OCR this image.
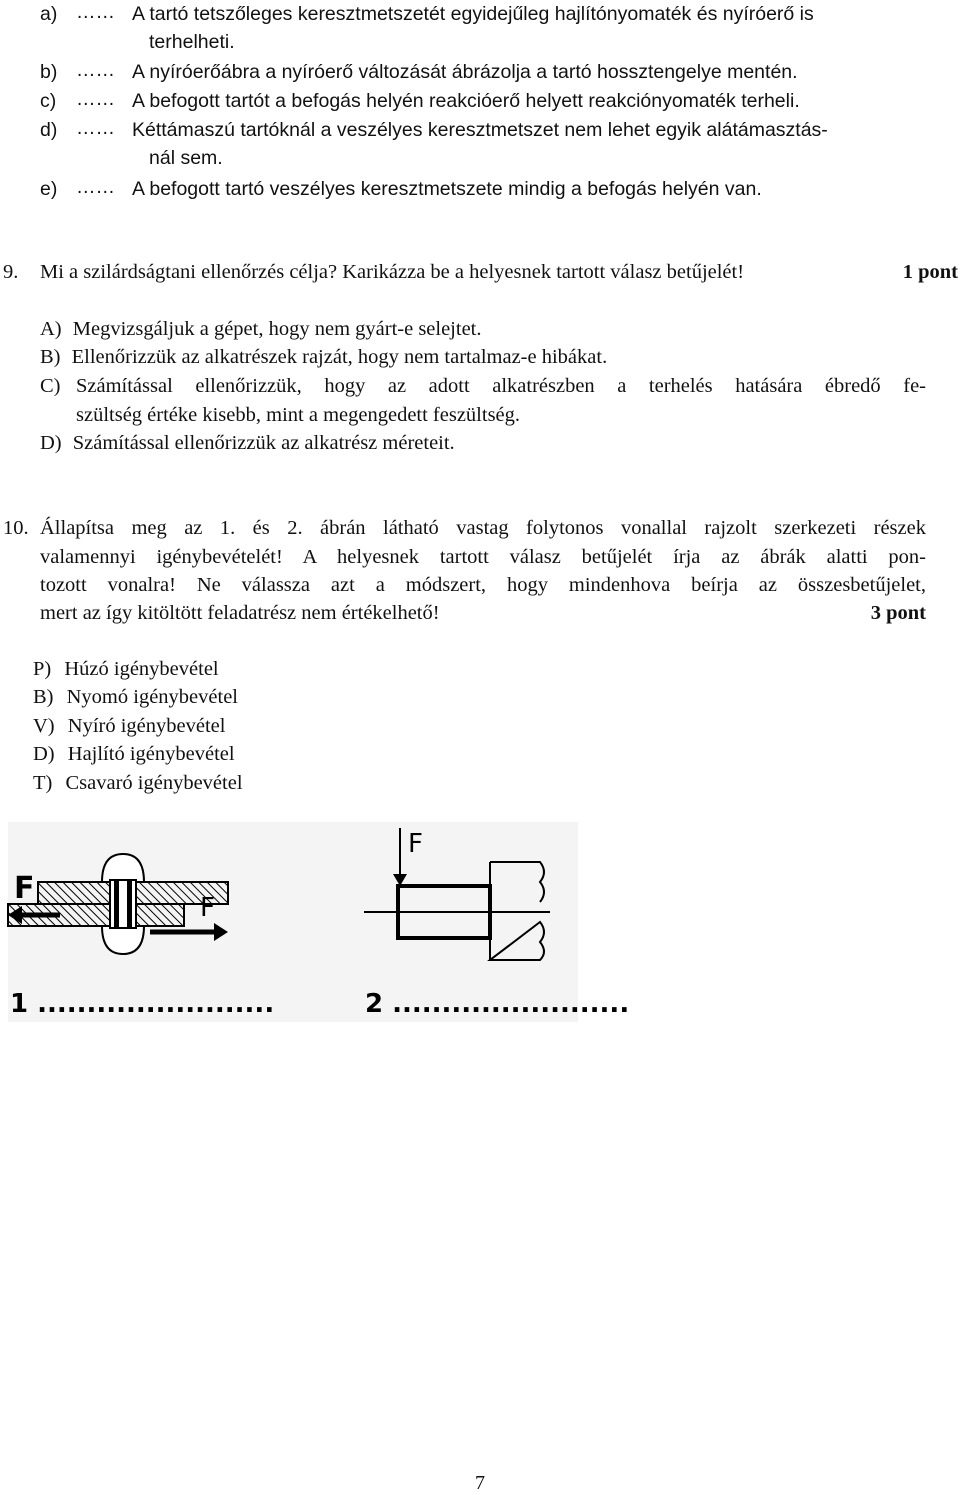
a) …… A tartó tetszőleges keresztmetszetét egyidejűleg hajlítónyomaték és nyíróerő is
terhelheti.
b) …… A nyíróerőábra a nyíróerő változását ábrázolja a tartó hossztengelye mentén.
c) …… A befogott tartót a befogás helyén reakcióerő helyett reakciónyomaték terheli.
d) …… Kéttámaszú tartóknál a veszélyes keresztmetszet nem lehet egyik alátámasztás-
nál sem.
e) …… A befogott tartó veszélyes keresztmetszete mindig a befogás helyén van.
9. Mi a szilárdságtani ellenőrzés célja? Karikázza be a helyesnek tartott válasz betűjelét!	1 pont
A) Megvizsgáljuk a gépet, hogy nem gyárt-e selejtet.
B) Ellenőrizzük az alkatrészek rajzát, hogy nem tartalmaz-e hibákat.
C) Számítással ellenőrizzük, hogy az adott alkatrészben a terhelés hatására ébredő fe-
szültség értéke kisebb, mint a megengedett feszültség.
D) Számítással ellenőrizzük az alkatrész méreteit.
10. Állapítsa meg az 1. és 2. ábrán látható vastag folytonos vonallal rajzolt szerkezeti részek
valamennyi igénybevételét! A helyesnek tartott válasz betűjelét írja az ábrák alatti pon-
tozott vonalra! Ne válassza azt a módszert, hogy mindenhova beírja az összesbetűjelet,
mert az így kitöltött feladatrész nem értékelhető!	3 pont
P) Húzó igénybevétel
B) Nyomó igénybevétel
V) Nyíró igénybevétel
D) Hajlító igénybevétel
T) Csavaró igénybevétel
F
F
1 ........................
F
2 ........................
7
